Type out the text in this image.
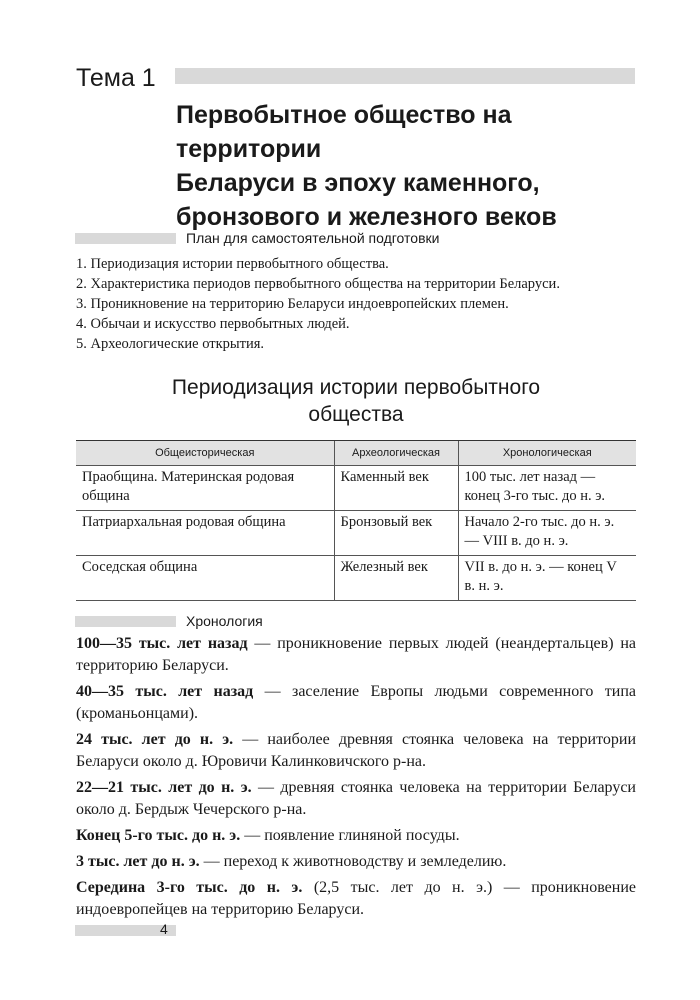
Тема 1
Первобытное общество на территории
Беларуси в эпоху каменного,
бронзового и железного веков
План для самостоятельной подготовки
1. Периодизация истории первобытного общества.
2. Характеристика периодов первобытного общества на территории Беларуси.
3. Проникновение на территорию Беларуси индоевропейских племен.
4. Обычаи и искусство первобытных людей.
5. Археологические открытия.
Периодизация истории первобытного
общества
Общеисторическая	Археологическая	Хронологическая
Праобщина. Материнская родовая община	Каменный век	100 тыс. лет назад — конец 3-го тыс. до н. э.
Патриархальная родовая община	Бронзовый век	Начало 2-го тыс. до н. э. — VIII в. до н. э.
Соседская община	Железный век	VII в. до н. э. — конец V в. н. э.
Хронология

100—35 тыс. лет назад — проникновение первых людей (неандертальцев) на территорию Беларуси.

40—35 тыс. лет назад — заселение Европы людьми современного типа (кроманьонцами).

24 тыс. лет до н. э. — наиболее древняя стоянка человека на территории Беларуси около д. Юровичи Калинковичского р-на.

22—21 тыс. лет до н. э. — древняя стоянка человека на территории Беларуси около д. Бердыж Чечерского р-на.

Конец 5-го тыс. до н. э. — появление глиняной посуды.

3 тыс. лет до н. э. — переход к животноводству и земледелию.

Середина 3-го тыс. до н. э. (2,5 тыс. лет до н. э.) — проникновение индоевропейцев на территорию Беларуси.

4
